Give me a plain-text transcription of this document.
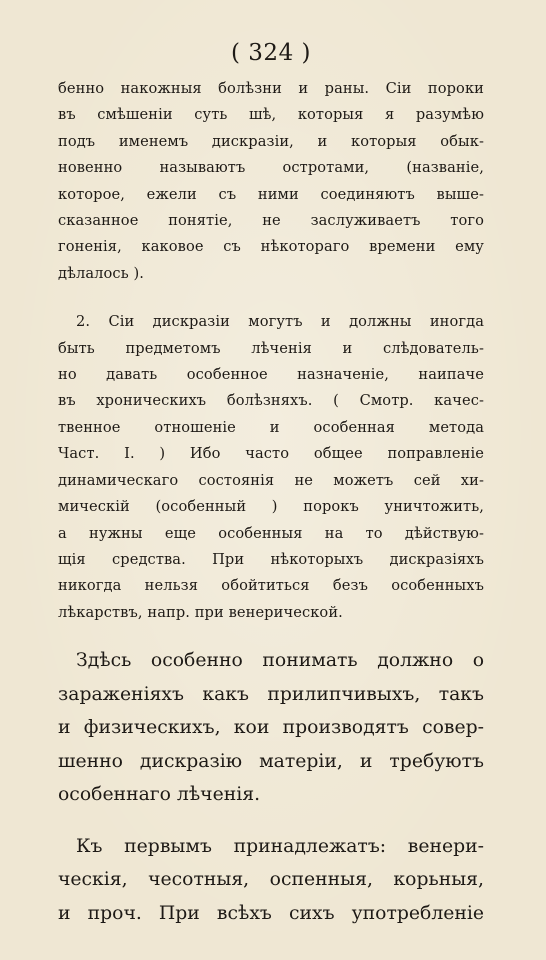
( 324 )
бенно накожныя болѣзни и раны. Сіи пороки
въ смѣшеніи суть шѣ, которыя я разумѣю
подъ именемъ дискразіи, и которыя обык-
новенно называютъ остротами, (названіе,
которое, ежели съ ними соединяютъ выше-
сказанное понятіе, не заслуживаетъ того
гоненія, каковое съ нѣкотораго времени ему
дѣлалось ).
2. Сіи дискразіи могутъ и должны иногда
быть предметомъ лѣченія и слѣдователь-
но давать особенное назначеніе, наипаче
въ хроническихъ болѣзняхъ. ( Смотр. качес-
твенное отношеніе и особенная метода
Част. I. ) Ибо часто общее поправленіе
динамическаго состоянія не можетъ сей хи-
мическій (особенный ) порокъ уничтожить,
а нужны еще особенныя на то дѣйствую-
щія средства. При нѣкоторыхъ дискразіяхъ
никогда нельзя обойтиться безъ особенныхъ
лѣкарствъ, напр. при венерической.
Здѣсь особенно понимать должно о
зараженіяхъ какъ прилипчивыхъ, такъ
и физическихъ, кои производятъ совер-
шенно дискразію матеріи, и требуютъ
особеннаго лѣченія.
Къ первымъ принадлежатъ: венери-
ческія, чесотныя, оспенныя, корьныя,
и проч. При всѣхъ сихъ употребленіе
